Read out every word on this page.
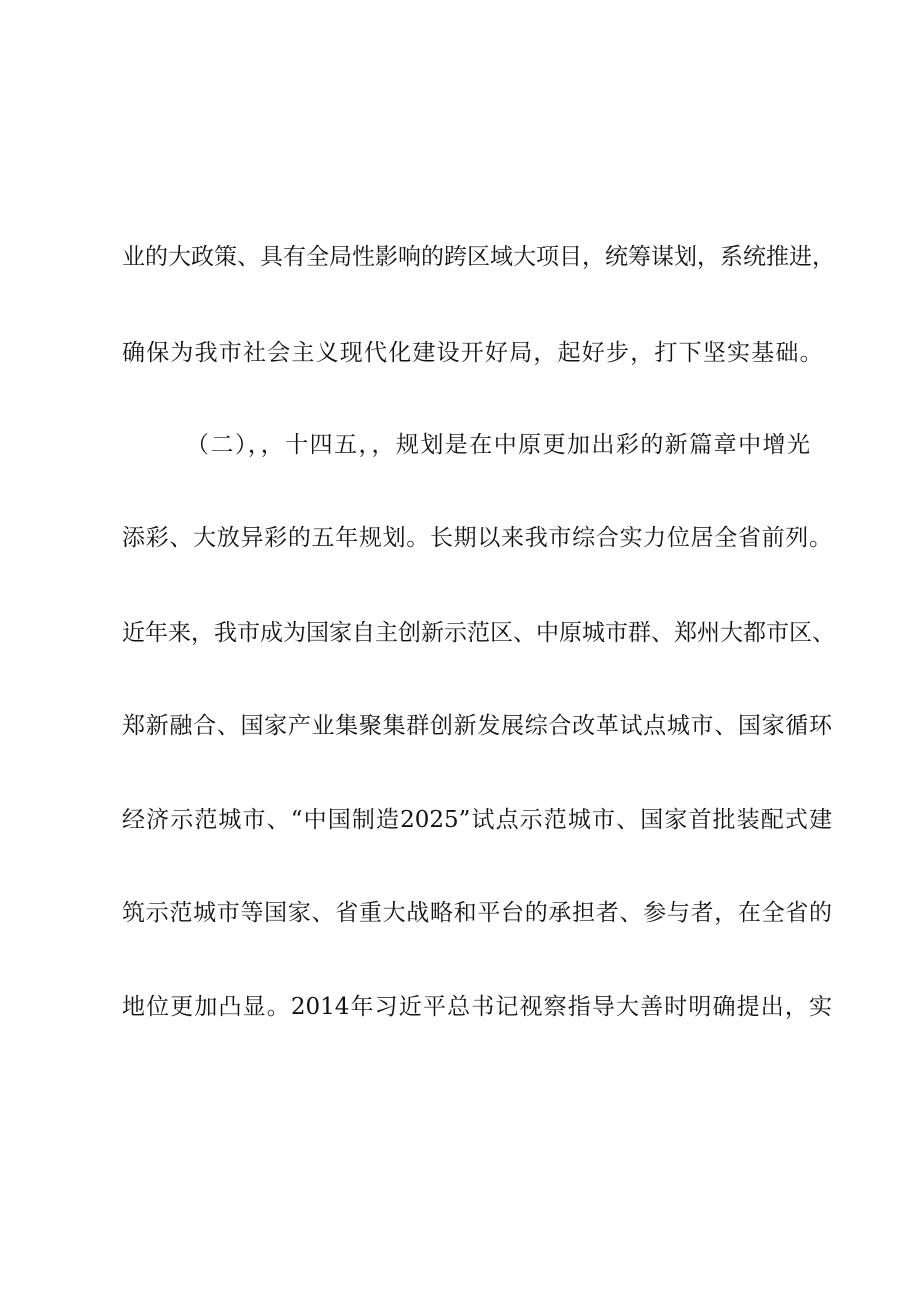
业的大政策、具有全局性影响的跨区域大项目，统筹谋划，系统推进，

确保为我市社会主义现代化建设开好局，起好步，打下坚实基础。

（二），，十四五，，规划是在中原更加出彩的新篇章中增光

添彩、大放异彩的五年规划。长期以来我市综合实力位居全省前列。

近年来，我市成为国家自主创新示范区、中原城市群、郑州大都市区、

郑新融合、国家产业集聚集群创新发展综合改革试点城市、国家循环

经济示范城市、“中国制造2025”试点示范城市、国家首批装配式建

筑示范城市等国家、省重大战略和平台的承担者、参与者，在全省的

地位更加凸显。2014年习近平总书记视察指导大善时明确提出，实
